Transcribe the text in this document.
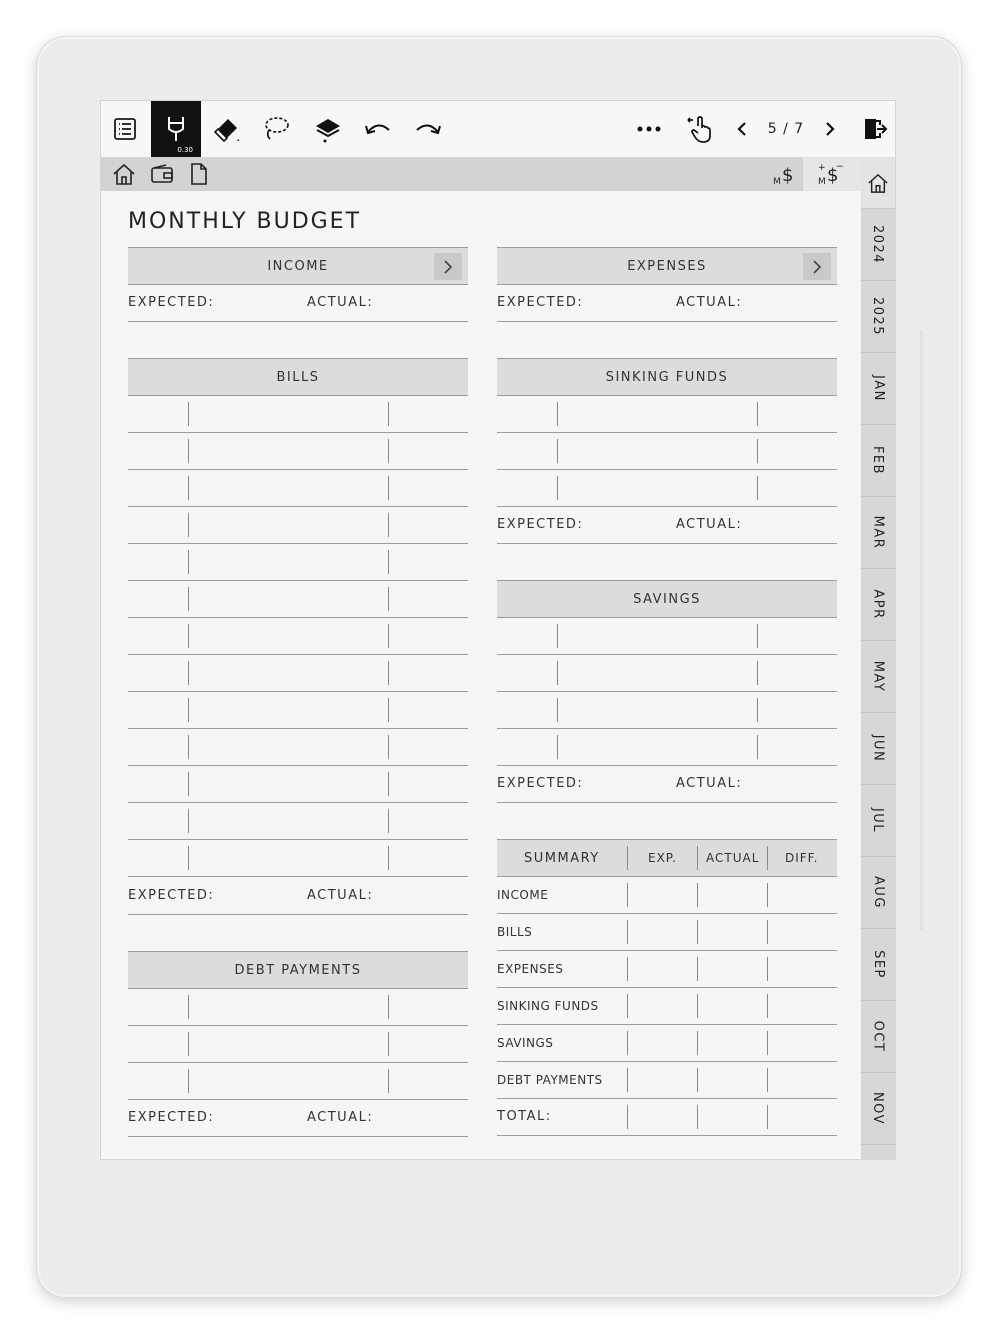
0.30
5 / 7
M $	M $
+ −
2024
2025
JAN
FEB
MAR
APR
MAY
JUN
JUL
AUG
SEP
OCT
NOV
MONTHLY BUDGET
INCOME
EXPECTED:	ACTUAL:
BILLS
EXPECTED:	ACTUAL:
DEBT PAYMENTS
EXPECTED:	ACTUAL:
EXPENSES
EXPECTED:	ACTUAL:
SINKING FUNDS
EXPECTED:	ACTUAL:
SAVINGS
EXPECTED:	ACTUAL:
SUMMARY	EXP. ACTUAL DIFF.
INCOME
BILLS
EXPENSES
SINKING FUNDS
SAVINGS
DEBT PAYMENTS
TOTAL:
